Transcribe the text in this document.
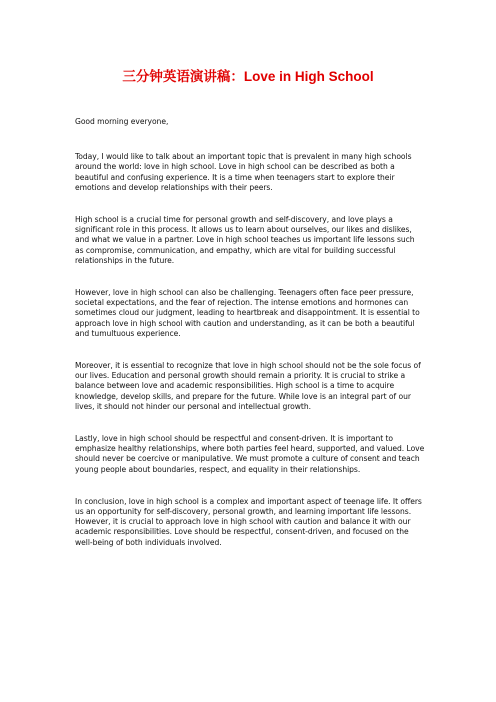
三分钟英语演讲稿：Love in High School

Good morning everyone,

Today, I would like to talk about an important topic that is prevalent in many high schools around the world: love in high school. Love in high school can be described as both a beautiful and confusing experience. It is a time when teenagers start to explore their emotions and develop relationships with their peers.

High school is a crucial time for personal growth and self-discovery, and love plays a significant role in this process. It allows us to learn about ourselves, our likes and dislikes, and what we value in a partner. Love in high school teaches us important life lessons such as compromise, communication, and empathy, which are vital for building successful relationships in the future.

However, love in high school can also be challenging. Teenagers often face peer pressure, societal expectations, and the fear of rejection. The intense emotions and hormones can sometimes cloud our judgment, leading to heartbreak and disappointment. It is essential to approach love in high school with caution and understanding, as it can be both a beautiful and tumultuous experience.

Moreover, it is essential to recognize that love in high school should not be the sole focus of our lives. Education and personal growth should remain a priority. It is crucial to strike a balance between love and academic responsibilities. High school is a time to acquire knowledge, develop skills, and prepare for the future. While love is an integral part of our lives, it should not hinder our personal and intellectual growth.

Lastly, love in high school should be respectful and consent-driven. It is important to emphasize healthy relationships, where both parties feel heard, supported, and valued. Love should never be coercive or manipulative. We must promote a culture of consent and teach young people about boundaries, respect, and equality in their relationships.

In conclusion, love in high school is a complex and important aspect of teenage life. It offers us an opportunity for self-discovery, personal growth, and learning important life lessons. However, it is crucial to approach love in high school with caution and balance it with our academic responsibilities. Love should be respectful, consent-driven, and focused on the well-being of both individuals involved.
